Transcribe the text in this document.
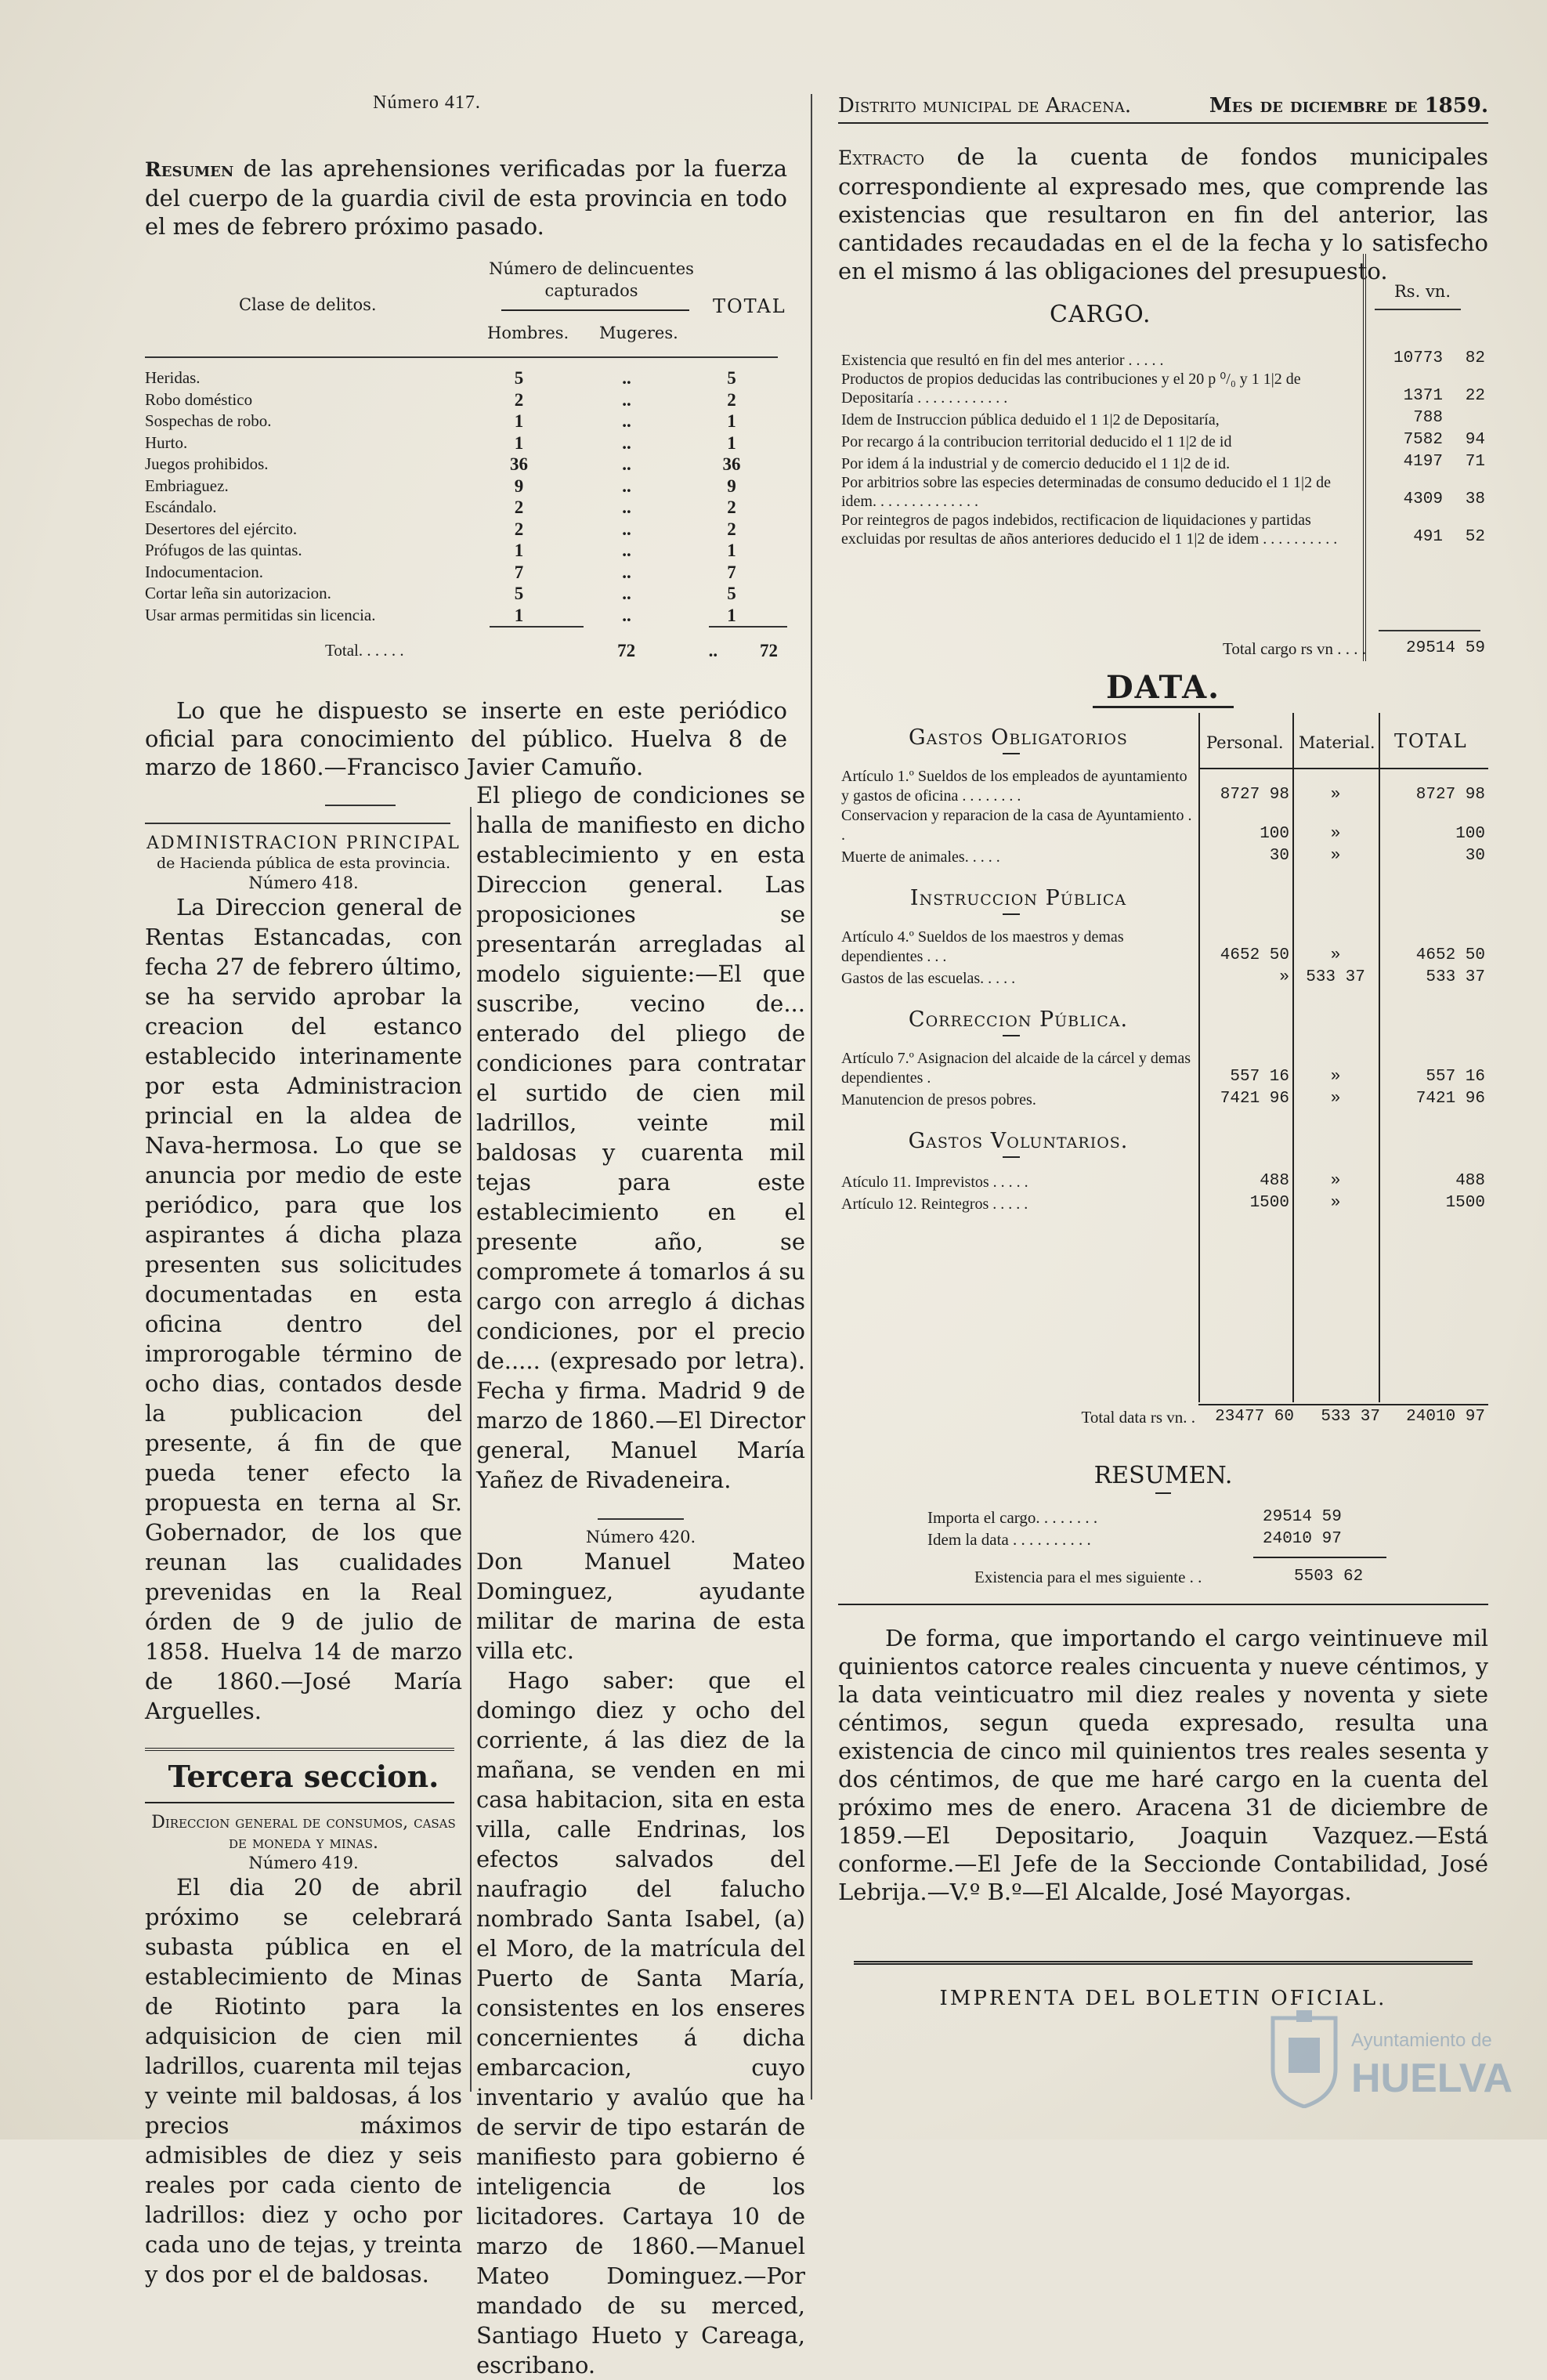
Número 417.

Resumen de las aprehensiones verificadas por la fuerza del cuerpo de la guardia civil de esta provincia en todo el mes de febrero próximo pasado.

Clase de delitos.
Número de delincuentes capturados
Hombres. Mugeres.
TOTAL
Heridas.	5	..	5
Robo doméstico	2	..	2
Sospechas de robo.	1	..	1
Hurto.	1	..	1
Juegos prohibidos.	36	..	36
Embriaguez.	9	..	9
Escándalo.	2	..	2
Desertores del ejército.	2	..	2
Prófugos de las quintas.	1	..	1
Indocumentacion.	7	..	7
Cortar leña sin autorizacion.	5	..	5
Usar armas permitidas sin licencia.	1	..	1
Total. . . . . .	72	..	72

Lo que he dispuesto se inserte en este periódico oficial para conocimiento del público. Huelva 8 de marzo de 1860.—Francisco Javier Camuño.

ADMINISTRACION PRINCIPAL
de Hacienda pública de esta provincia.
Número 418.

La Direccion general de Rentas Estancadas, con fecha 27 de febrero último, se ha servido aprobar la creacion del estanco establecido interinamente por esta Administracion princial en la aldea de Nava-hermosa. Lo que se anuncia por medio de este periódico, para que los aspirantes á dicha plaza presenten sus solicitudes documentadas en esta oficina dentro del improrogable término de ocho dias, contados desde la publicacion del presente, á fin de que pueda tener efecto la propuesta en terna al Sr. Gobernador, de los que reunan las cualidades prevenidas en la Real órden de 9 de julio de 1858. Huelva 14 de marzo de 1860.—José María Arguelles.

Tercera seccion.
Direccion general de consumos, casas de moneda y minas.
Número 419.

El dia 20 de abril próximo se celebrará subasta pública en el establecimiento de Minas de Riotinto para la adquisicion de cien mil ladrillos, cuarenta mil tejas y veinte mil baldosas, á los precios máximos admisibles de diez y seis reales por cada ciento de ladrillos: diez y ocho por cada uno de tejas, y treinta y dos por el de baldosas.

El pliego de condiciones se halla de manifiesto en dicho establecimiento y en esta Direccion general. Las proposiciones se presentarán arregladas al modelo siguiente:—El que suscribe, vecino de... enterado del pliego de condiciones para contratar el surtido de cien mil ladrillos, veinte mil baldosas y cuarenta mil tejas para este establecimiento en el presente año, se compromete á tomarlos á su cargo con arreglo á dichas condiciones, por el precio de..... (expresado por letra). Fecha y firma. Madrid 9 de marzo de 1860.—El Director general, Manuel María Yañez de Rivadeneira.

Número 420.

Don Manuel Mateo Dominguez, ayudante militar de marina de esta villa etc.

Hago saber: que el domingo diez y ocho del corriente, á las diez de la mañana, se venden en mi casa habitacion, sita en esta villa, calle Endrinas, los efectos salvados del naufragio del falucho nombrado Santa Isabel, (a) el Moro, de la matrícula del Puerto de Santa María, consistentes en los enseres concernientes á dicha embarcacion, cuyo inventario y avalúo que ha de servir de tipo estarán de manifiesto para gobierno é inteligencia de los licitadores. Cartaya 10 de marzo de 1860.—Manuel Mateo Dominguez.—Por mandado de su merced, Santiago Hueto y Careaga, escribano.

Distrito municipal de Aracena.	Mes de diciembre de 1859.

Extracto de la cuenta de fondos municipales correspondiente al expresado mes, que comprende las existencias que resultaron en fin del anterior, las cantidades recaudadas en el de la fecha y lo satisfecho en el mismo á las obligaciones del presupuesto.

Rs. vn.
CARGO.
Existencia que resultó en fin del mes anterior . . . . .	10773	82
Productos de propios deducidas las contribuciones y el 20 p ⁰/₀ y 1 1|2 de Depositaría . . . . . . . . . . . .	1371	22
Idem de Instruccion pública deduido el 1 1|2 de Depositaría,	788	
Por recargo á la contribucion territorial deducido el 1 1|2 de id	7582	94
Por idem á la industrial y de comercio deducido el 1 1|2 de id.	4197	71
Por arbitrios sobre las especies determinadas de consumo deducido el 1 1|2 de idem. . . . . . . . . . . . . .	4309	38
Por reintegros de pagos indebidos, rectificacion de liquidaciones y partidas excluidas por resultas de años anteriores deducido el 1 1|2 de idem . . . . . . . . . .	491	52
Total cargo rs vn . . . .	29514	59
DATA.
Personal. Material. TOTAL
Gastos Obligatorios
Artículo 1.º Sueldos de los empleados de ayuntamiento y gastos de oficina . . . . . . . .	8727 98	»	8727 98
Conservacion y reparacion de la casa de Ayuntamiento . .	100	»	100
Muerte de animales. . . . .	30	»	30
Instruccion Pública
Artículo 4.º Sueldos de los maestros y demas dependientes . . .	4652 50	»	4652 50
Gastos de las escuelas. . . . .	»	533 37	533 37
Correccion Pública.
Artículo 7.º Asignacion del alcaide de la cárcel y demas dependientes .	557 16	»	557 16
Manutencion de presos pobres.	7421 96	»	7421 96
Gastos Voluntarios.
Atículo 11. Imprevistos . . . . .	488	»	488
Artículo 12. Reintegros . . . . .	1500	»	1500
Total data rs vn. .	23477 60	533 37	24010 97
RESUMEN.
Importa el cargo. . . . . . . .	29514 59
Idem la data . . . . . . . . . .	24010 97
Existencia para el mes siguiente . .	5503 62

De forma, que importando el cargo veintinueve mil quinientos catorce reales cincuenta y nueve céntimos, y la data veinticuatro mil diez reales y noventa y siete céntimos, segun queda expresado, resulta una existencia de cinco mil quinientos tres reales sesenta y dos céntimos, de que me haré cargo en la cuenta del próximo mes de enero. Aracena 31 de diciembre de 1859.—El Depositario, Joaquin Vazquez.—Está conforme.—El Jefe de la Seccionde Contabilidad, José Lebrija.—V.º B.º—El Alcalde, José Mayorgas.

IMPRENTA DEL BOLETIN OFICIAL.
Ayuntamiento de
HUELVA
